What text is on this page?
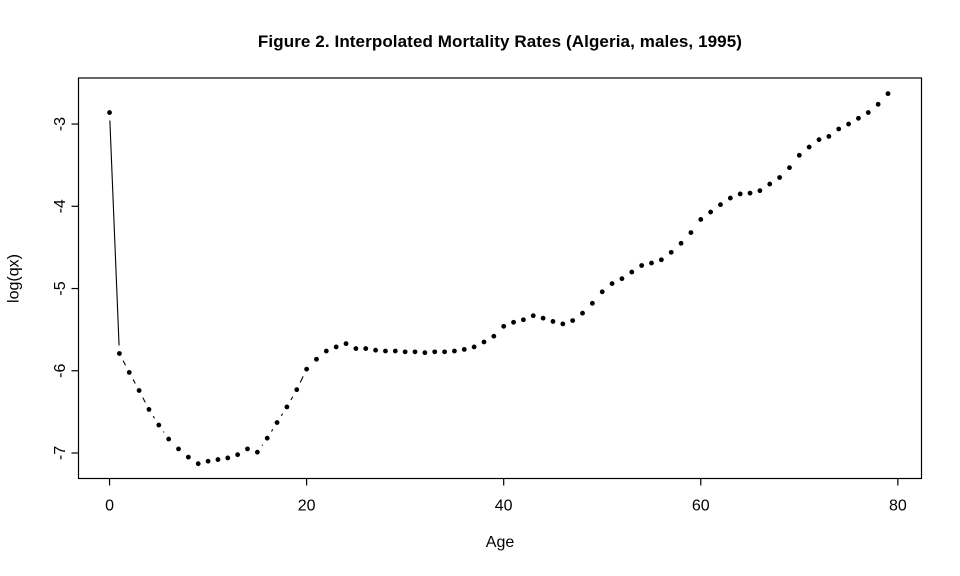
Figure 2. Interpolated Mortality Rates (Algeria, males, 1995)
0	20	40	60	80
-7
-6
-5
-4
-3
Age
log(qx)
